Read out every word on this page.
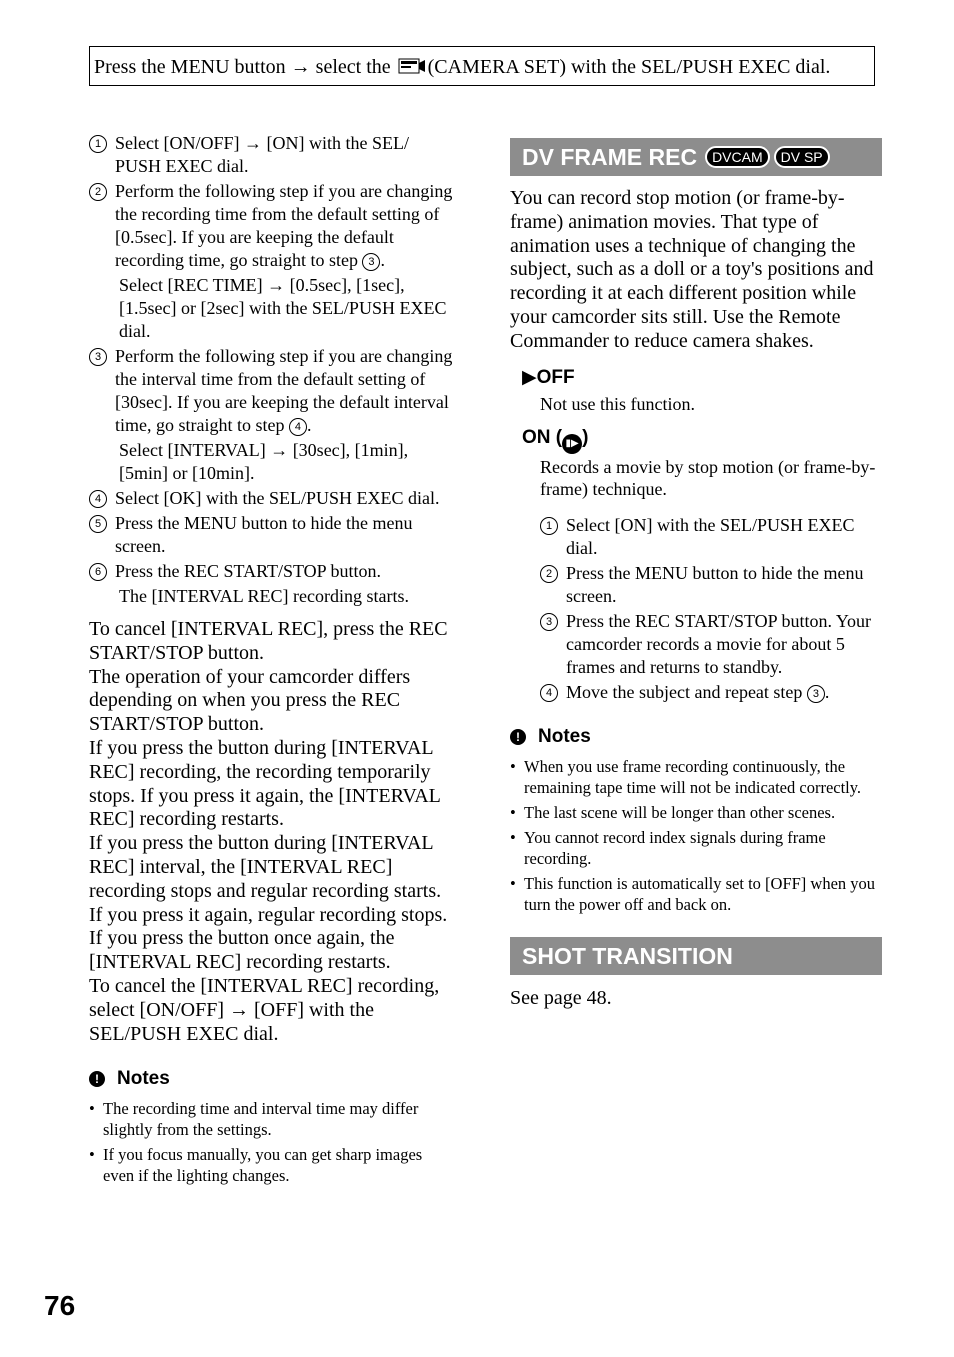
Press the MENU button → select the (CAMERA SET) with the SEL/PUSH EXEC dial.
1 Select [ON/OFF] → [ON] with the SEL/ PUSH EXEC dial.
2 Perform the following step if you are changing the recording time from the default setting of [0.5sec]. If you are keeping the default recording time, go straight to step 3 .
Select [REC TIME] → [0.5sec], [1sec], [1.5sec] or [2sec] with the SEL/PUSH EXEC dial.
3 Perform the following step if you are changing the interval time from the default setting of [30sec]. If you are keeping the default interval time, go straight to step 4 .
Select [INTERVAL] → [30sec], [1min], [5min] or [10min].
4 Select [OK] with the SEL/PUSH EXEC dial.
5 Press the MENU button to hide the menu screen.
6 Press the REC START/STOP button.
The [INTERVAL REC] recording starts.
To cancel [INTERVAL REC], press the REC START/STOP button.
The operation of your camcorder differs depending on when you press the REC START/STOP button.
If you press the button during [INTERVAL REC] recording, the recording temporarily stops. If you press it again, the [INTERVAL REC] recording restarts.
If you press the button during [INTERVAL REC] interval, the [INTERVAL REC] recording stops and regular recording starts. If you press it again, regular recording stops. If you press the button once again, the [INTERVAL REC] recording restarts.
To cancel the [INTERVAL REC] recording, select [ON/OFF] → [OFF] with the SEL/PUSH EXEC dial.
! Notes
• The recording time and interval time may differ slightly from the settings.
• If you focus manually, you can get sharp images even if the lighting changes.
DV FRAME REC	DVCAM	DV SP
You can record stop motion (or frame-by-frame) animation movies. That type of animation uses a technique of changing the subject, such as a doll or a toy's positions and recording it at each different position while your camcorder sits still. Use the Remote Commander to reduce camera shakes.
▶OFF
Not use this function.
ON ( ▮▶ )
Records a movie by stop motion (or frame-by-frame) technique.
1 Select [ON] with the SEL/PUSH EXEC dial.
2 Press the MENU button to hide the menu screen.
3 Press the REC START/STOP button. Your camcorder records a movie for about 5 frames and returns to standby.
4 Move the subject and repeat step 3 .
! Notes
• When you use frame recording continuously, the remaining tape time will not be indicated correctly.
• The last scene will be longer than other scenes.
• You cannot record index signals during frame recording.
• This function is automatically set to [OFF] when you turn the power off and back on.
SHOT TRANSITION
See page 48.
76
